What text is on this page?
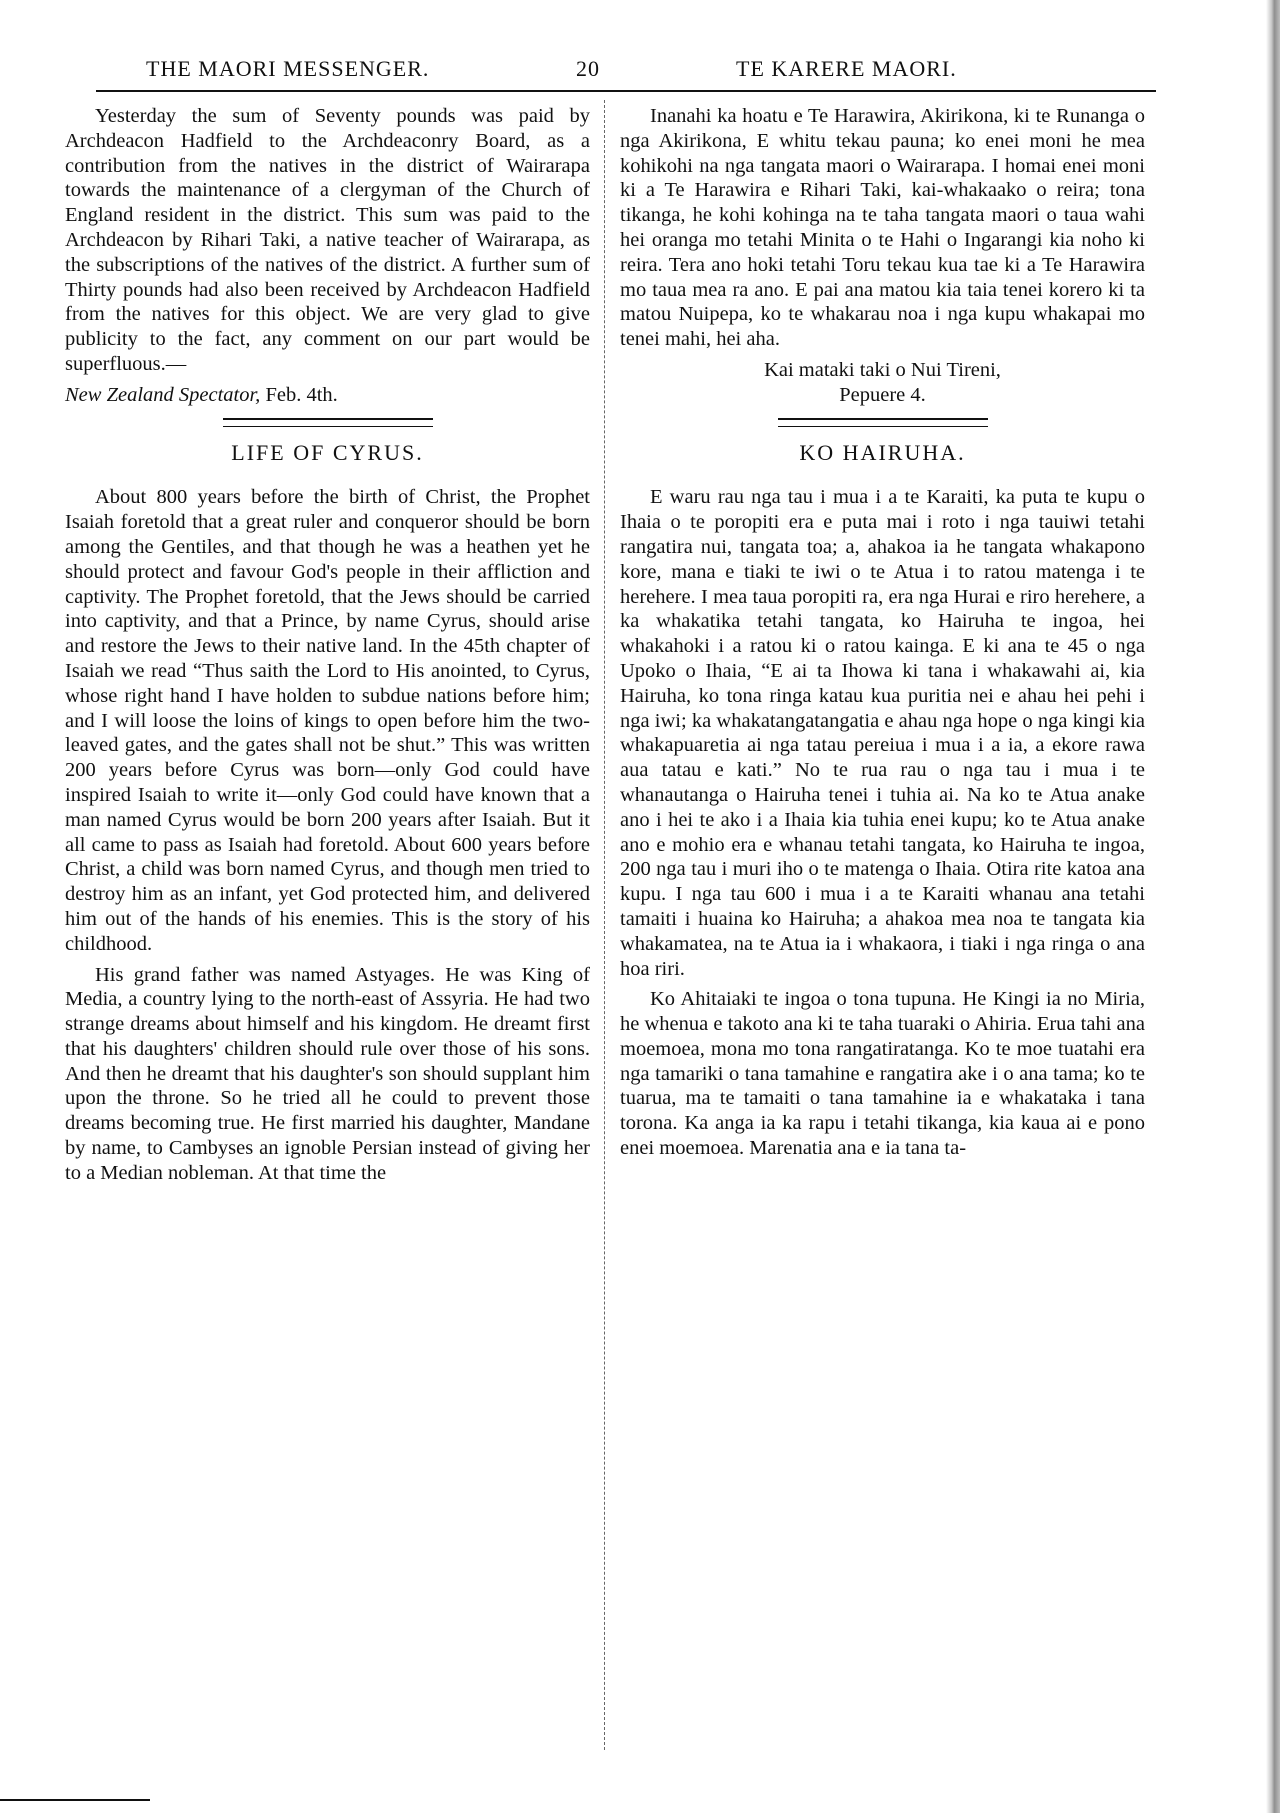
THE MAORI MESSENGER.	20	TE KARERE MAORI.

Yesterday the sum of Seventy pounds was paid by Archdeacon Hadfield to the Archdeaconry Board, as a contribution from the natives in the district of Wairarapa towards the maintenance of a clergyman of the Church of England resident in the district. This sum was paid to the Archdeacon by Rihari Taki, a native teacher of Wairarapa, as the subscriptions of the natives of the district. A further sum of Thirty pounds had also been received by Archdeacon Hadfield from the natives for this object. We are very glad to give publicity to the fact, any comment on our part would be superfluous.—

New Zealand Spectator, Feb. 4th.

LIFE OF CYRUS.

About 800 years before the birth of Christ, the Prophet Isaiah foretold that a great ruler and conqueror should be born among the Gentiles, and that though he was a heathen yet he should protect and favour God's people in their affliction and captivity. The Prophet foretold, that the Jews should be carried into captivity, and that a Prince, by name Cyrus, should arise and restore the Jews to their native land. In the 45th chapter of Isaiah we read “Thus saith the Lord to His anointed, to Cyrus, whose right hand I have holden to subdue nations before him; and I will loose the loins of kings to open before him the two-leaved gates, and the gates shall not be shut.” This was written 200 years before Cyrus was born—only God could have inspired Isaiah to write it—only God could have known that a man named Cyrus would be born 200 years after Isaiah. But it all came to pass as Isaiah had foretold. About 600 years before Christ, a child was born named Cyrus, and though men tried to destroy him as an infant, yet God protected him, and delivered him out of the hands of his enemies. This is the story of his childhood.

His grand father was named Astyages. He was King of Media, a country lying to the north-east of Assyria. He had two strange dreams about himself and his kingdom. He dreamt first that his daughters' children should rule over those of his sons. And then he dreamt that his daughter's son should supplant him upon the throne. So he tried all he could to prevent those dreams becoming true. He first married his daughter, Mandane by name, to Cambyses an ignoble Persian instead of giving her to a Median nobleman. At that time the

Inanahi ka hoatu e Te Harawira, Akirikona, ki te Runanga o nga Akirikona, E whitu tekau pauna; ko enei moni he mea kohikohi na nga tangata maori o Wairarapa. I homai enei moni ki a Te Harawira e Rihari Taki, kai-whakaako o reira; tona tikanga, he kohi kohinga na te taha tangata maori o taua wahi hei oranga mo tetahi Minita o te Hahi o Ingarangi kia noho ki reira. Tera ano hoki tetahi Toru tekau kua tae ki a Te Harawira mo taua mea ra ano. E pai ana matou kia taia tenei korero ki ta matou Nuipepa, ko te whakarau noa i nga kupu whakapai mo tenei mahi, hei aha.

Kai mataki taki o Nui Tireni,

Pepuere 4.

KO HAIRUHA.

E waru rau nga tau i mua i a te Karaiti, ka puta te kupu o Ihaia o te poropiti era e puta mai i roto i nga tauiwi tetahi rangatira nui, tangata toa; a, ahakoa ia he tangata whakapono kore, mana e tiaki te iwi o te Atua i to ratou matenga i te herehere. I mea taua poropiti ra, era nga Hurai e riro herehere, a ka whakatika tetahi tangata, ko Hairuha te ingoa, hei whakahoki i a ratou ki o ratou kainga. E ki ana te 45 o nga Upoko o Ihaia, “E ai ta Ihowa ki tana i whakawahi ai, kia Hairuha, ko tona ringa katau kua puritia nei e ahau hei pehi i nga iwi; ka whakatangatangatia e ahau nga hope o nga kingi kia whakapuaretia ai nga tatau pereiua i mua i a ia, a ekore rawa aua tatau e kati.” No te rua rau o nga tau i mua i te whanautanga o Hairuha tenei i tuhia ai. Na ko te Atua anake ano i hei te ako i a Ihaia kia tuhia enei kupu; ko te Atua anake ano e mohio era e whanau tetahi tangata, ko Hairuha te ingoa, 200 nga tau i muri iho o te matenga o Ihaia. Otira rite katoa ana kupu. I nga tau 600 i mua i a te Karaiti whanau ana tetahi tamaiti i huaina ko Hairuha; a ahakoa mea noa te tangata kia whakamatea, na te Atua ia i whakaora, i tiaki i nga ringa o ana hoa riri.

Ko Ahitaiaki te ingoa o tona tupuna. He Kingi ia no Miria, he whenua e takoto ana ki te taha tuaraki o Ahiria. Erua tahi ana moemoea, mona mo tona rangatiratanga. Ko te moe tuatahi era nga tamariki o tana tamahine e rangatira ake i o ana tama; ko te tuarua, ma te tamaiti o tana tamahine ia e whakataka i tana torona. Ka anga ia ka rapu i tetahi tikanga, kia kaua ai e pono enei moemoea. Marenatia ana e ia tana ta-
